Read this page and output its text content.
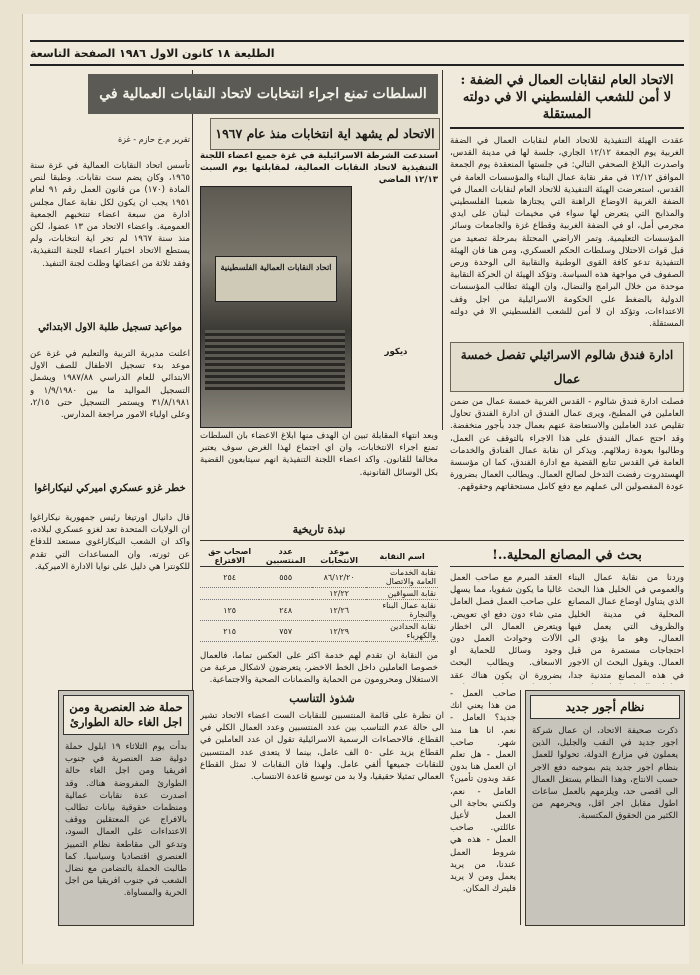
الطليعة ۱۸ كانون الاول ۱۹۸٦ الصفحة التاسعة
الاتحاد العام لنقابات العمال في الضفة :
لا أمن للشعب الفلسطيني الا في دولته المستقلة
عقدت الهيئة التنفيذية للاتحاد العام لنقابات العمال في الضفة الغربية يوم الجمعة ١٢/١٢ الجاري، جلسة لها في مدينة القدس، واصدرت البلاغ الصحفي التالي: في جلستها المنعقدة يوم الجمعة الموافق ١٢/١٢ في مقر نقابة عمال البناء والمؤسسات العامة في القدس، استعرضت الهيئة التنفيذية للاتحاد العام لنقابات العمال في الضفة الغربية الاوضاع الراهنة التي يجتازها شعبنا الفلسطيني والمذابح التي يتعرض لها سواء في مخيمات لبنان على ايدي مجرمي أمل، او في الضفة الغربية وقطاع غزة والجامعات وسائر المؤسسات التعليمية. وتمر الاراضي المحتلة بمرحلة تصعيد من قبل قوات الاحتلال وسلطات الحكم العسكري، ومن هنا فان الهيئة التنفيذية تدعو كافة القوى الوطنية والنقابية الى الوحدة ورص الصفوف في مواجهة هذه السياسة. وتؤكد الهيئة ان الحركة النقابية موحدة من خلال البرامج والنضال، وان الهيئة تطالب المؤسسات الدولية بالضغط على الحكومة الاسرائيلية من اجل وقف الاعتداءات، وتؤكد ان لا أمن للشعب الفلسطيني الا في دولته المستقلة.
ادارة فندق شالوم الاسرائيلي تفصل خمسة عمال
فصلت ادارة فندق شالوم - القدس الغربية خمسة عمال من ضمن العاملين في المطبخ، ويرى عمال الفندق ان ادارة الفندق تحاول تقليص عدد العاملين والاستعاضة عنهم بعمال جدد بأجور منخفضة. وقد احتج عمال الفندق على هذا الاجراء بالتوقف عن العمل، وطالبوا بعودة زملائهم. ويذكر ان نقابة عمال الفنادق والخدمات العامة في القدس تتابع القضية مع ادارة الفندق، كما ان مؤسسة الهستدروت رفضت التدخل لصالح العمال. ويطالب العمال بضرورة عودة المفصولين الى عملهم مع دفع كامل مستحقاتهم وحقوقهم.
بحث في المصانع المحلية..!
وردنا من نقابة عمال البناء والعمومي في الخليل هذا البحث الذي يتناول اوضاع عمال المصانع المحلية في مدينة الخليل والظروف التي يعمل فيها العمال، وهو ما يؤدي الى احتجاجات مستمرة من قبل العمال. ويقول البحث ان الاجور في هذه المصانع متدنية جدا،
العقد المبرم مع صاحب العمل غالبا ما يكون شفويا، مما يسهل على صاحب العمل فصل العامل متى شاء دون دفع اي تعويض. ويتعرض العمال الى اخطار الآلات وحوادث العمل دون وجود وسائل للحماية او الاسعاف. ويطالب البحث بضرورة ان يكون هناك عقد
صاحب العمل - من هذا يعني انك جديد؟ العامل - نعم، انا هنا منذ شهر. صاحب العمل - هل تعلم ان العمل هنا بدون عقد وبدون تأمين؟ العامل - نعم، ولكنني بحاجة الى العمل لأعيل عائلتي. صاحب العمل - هذه هي شروط العمل عندنا، من يريد يعمل ومن لا يريد فليترك المكان.
نظام أجور جديد
ذكرت صحيفة الاتحاد، ان عمال شركة اجور جديد في النقب والجليل، الذين يعملون في مزارع الدولة، تحولوا للعمل بنظام اجور جديد يتم بموجبه دفع الاجر حسب الانتاج، وهذا النظام يستغل العمال الى اقصى حد، ويلزمهم بالعمل ساعات اطول مقابل اجر اقل، ويحرمهم من الكثير من الحقوق المكتسبة.
السلطات تمنع اجراء انتخابات لاتحاد النقابات العمالية في
الاتحاد لم يشهد اية انتخابات منذ عام ١٩٦٧
استدعت الشرطة الاسرائيلية في غزة جميع اعضاء اللجنة التنفيذية لاتحاد النقابات العمالية، لمقابلتها يوم السبت ١٢/١٣ الماضي
تقرير م.خ حازم - غزة
تأسس اتحاد النقابات العمالية في غزة سنة ١٩٦٥، وكان يضم ست نقابات. وطبقا لنص المادة (١٧٠) من قانون العمل رقم ٩١ لعام ١٩٥١ يجب ان يكون لكل نقابة عمال مجلس ادارة من سبعة اعضاء تنتخبهم الجمعية العمومية. واعضاء الاتحاد من ١٣ عضوا، لكن منذ سنة ١٩٦٧ لم تجر اية انتخابات، ولم يستطع الاتحاد اختيار اعضاء للجنة التنفيذية، وفقد ثلاثة من اعضائها وظلت لجنة التنفيذ.	اتحاد النقابات العمالية الفلسطينية
ديكور
مواعيد تسجيل طلبة الاول الابتدائي
اعلنت مديرية التربية والتعليم في غزة عن موعد بدء تسجيل الاطفال للصف الاول الابتدائي للعام الدراسي ١٩٨٧/٨٨ ويشمل التسجيل المواليد ما بين ١/٩/١٩٨٠ و ٣١/٨/١٩٨١ ويستمر التسجيل حتى ٢/١٥، وعلى اولياء الامور مراجعة المدارس.
خطر غزو عسكري اميركي لنيكاراغوا
قال دانيال اورتيغا رئيس جمهورية نيكاراغوا ان الولايات المتحدة تعد لغزو عسكري لبلاده، واكد ان الشعب النيكاراغوي مستعد للدفاع عن ثورته، وان المساعدات التي تقدم للكونترا هي دليل على نوايا الادارة الاميركية.
وبعد انتهاء المقابلة تبين ان الهدف منها ابلاغ الاعضاء بان السلطات تمنع اجراء الانتخابات، وان اي اجتماع لهذا الغرض سوف يعتبر مخالفا للقانون. واكد اعضاء اللجنة التنفيذية انهم سيتابعون القضية بكل الوسائل القانونية.
نبذة تاريخية
اسم النقابة	موعد الانتخابات	عدد المنتسبين	اصحاب حق الاقتراع
نقابة الخدمات العامة والاتصال	٨٦/١٢/٢٠	٥٥٥	٢٥٤
نقابة السواقين	١٢/٢٢		
نقابة عمال البناء والنجارة	١٢/٢٦	٢٤٨	١٢٥
نقابة الحدادين والكهرباء	١٢/٢٩	٧٥٧	٢١٥

من النقابة ان تقدم لهم خدمة اكثر على العكس تماما، فالعمال خصوصا العاملين داخل الخط الاخضر، يتعرضون لاشكال مرعبة من الاستغلال ومحرومون من الحماية والضمانات الصحية والاجتماعية.
شذوذ التناسب
ان نظرة على قائمة المنتسبين للنقابات الست اعضاء الاتحاد تشير الى حالة عدم التناسب بين عدد المنتسبين وعدد العمال الكلي في القطاع. فالاحصاءات الرسمية الاسرائيلية تقول ان عدد العاملين في القطاع يزيد على ٥٠ الف عامل، بينما لا يتعدى عدد المنتسبين للنقابات جميعها ألفي عامل. ولهذا فان النقابات لا تمثل القطاع العمالي تمثيلا حقيقيا، ولا بد من توسيع قاعدة الانتساب.
حملة ضد العنصرية ومن اجل الغاء حالة الطوارئ
بدأت يوم الثلاثاء ١٩ ايلول حملة دولية ضد العنصرية في جنوب افريقيا ومن اجل الغاء حالة الطوارئ المفروضة هناك. وقد اصدرت عدة نقابات عمالية ومنظمات حقوقية بيانات تطالب بالافراج عن المعتقلين ووقف الاعتداءات على العمال السود، وتدعو الى مقاطعة نظام التمييز العنصري اقتصاديا وسياسيا. كما طالبت الحملة بالتضامن مع نضال الشعب في جنوب افريقيا من اجل الحرية والمساواة.
